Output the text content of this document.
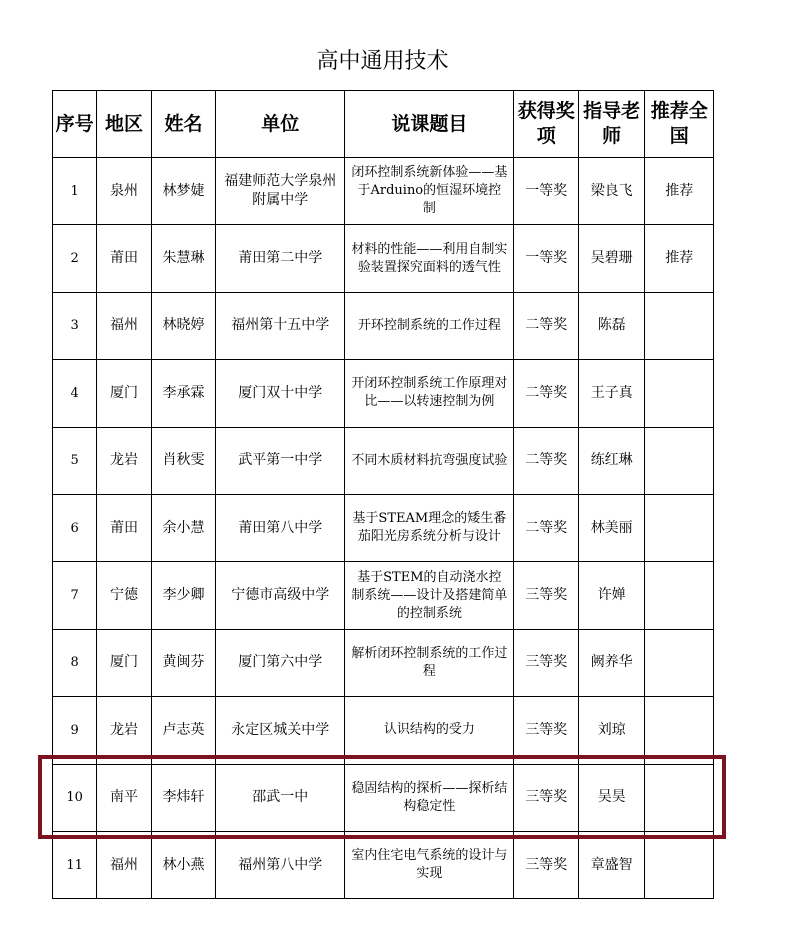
高中通用技术
序号	地区	姓名	单位	说课题目	获得奖项	指导老师	推荐全国
1	泉州	林梦婕	福建师范大学泉州附属中学	闭环控制系统新体验——基于Arduino的恒湿环境控制	一等奖	梁良飞	推荐
2	莆田	朱慧琳	莆田第二中学	材料的性能——利用自制实验装置探究面料的透气性	一等奖	吴碧珊	推荐
3	福州	林晓婷	福州第十五中学	开环控制系统的工作过程	二等奖	陈磊	
4	厦门	李承霖	厦门双十中学	开闭环控制系统工作原理对比——以转速控制为例	二等奖	王子真	
5	龙岩	肖秋雯	武平第一中学	不同木质材料抗弯强度试验	二等奖	练红琳	
6	莆田	余小慧	莆田第八中学	基于STEAM理念的矮生番茄阳光房系统分析与设计	二等奖	林美丽	
7	宁德	李少卿	宁德市高级中学	基于STEM的自动浇水控制系统——设计及搭建简单的控制系统	三等奖	许婵	
8	厦门	黄闽芬	厦门第六中学	解析闭环控制系统的工作过程	三等奖	阙养华	
9	龙岩	卢志英	永定区城关中学	认识结构的受力	三等奖	刘琼	
10	南平	李炜轩	邵武一中	稳固结构的探析——探析结构稳定性	三等奖	吴昊	
11	福州	林小燕	福州第八中学	室内住宅电气系统的设计与实现	三等奖	章盛智	
